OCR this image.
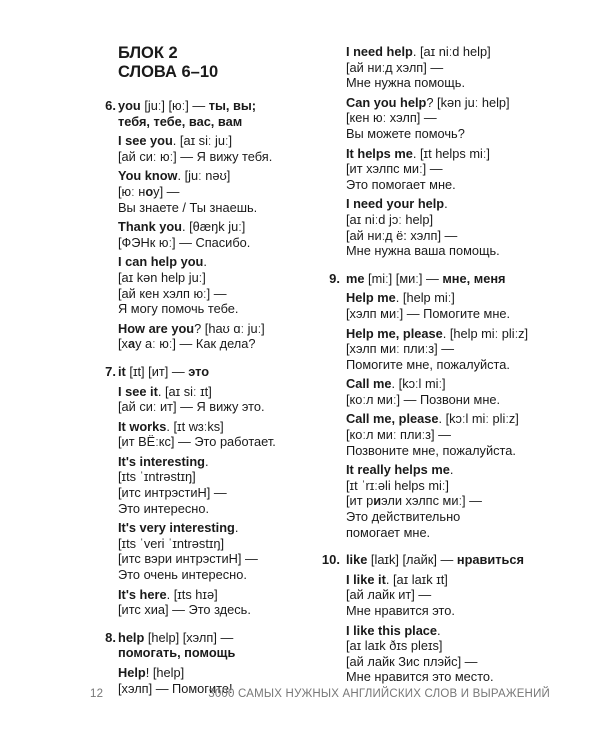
БЛОК 2
СЛОВА 6–10
6. you [juː] [юː] — ты, вы;
тебя, тебе, вас, вам
I see you. [aɪ siː juː]
[ай сиː юː] — Я вижу тебя.
You know. [juː nəʊ]
[юː ноу] —
Вы знаете / Ты знаешь.
Thank you. [θæŋk juː]
[ФЭНк юː] — Спасибо.
I can help you.
[aɪ kən help juː]
[ай кен хэлп юː] —
Я могу помочь тебе.
How are you? [haʊ ɑː juː]
[хау аː юː] — Как дела?
7. it [ɪt] [ит] — это
I see it. [aɪ siː ɪt]
[ай сиː ит] — Я вижу это.
It works. [ɪt wɜːks]
[ит ВЁːкс] — Это работает.
It's interesting.
[ɪts ˈɪntrəstɪŋ]
[итс интрэстиН] —
Это интересно.
It's very interesting.
[ɪts ˈveri ˈɪntrəstɪŋ]
[итс вэри интрэстиН] —
Это очень интересно.
It's here. [ɪts hɪə]
[итс хиа] — Это здесь.
8. help [help] [хэлп] —
помогать, помощь
Help! [help]
[хэлп] — Помогите!
I need help. [aɪ niːd help]
[ай ниːд хэлп] —
Мне нужна помощь.
Can you help? [kən juː help]
[кен юː хэлп] —
Вы можете помочь?
It helps me. [ɪt helps miː]
[ит хэлпс миː] —
Это помогает мне.
I need your help.
[aɪ niːd jɔː help]
[ай ниːд ё: хэлп] —
Мне нужна ваша помощь.
9. me [miː] [миː] — мне, меня
Help me. [help miː]
[хэлп миː] — Помогите мне.
Help me, please. [help miː pliːz]
[хэлп миː плиːз] —
Помогите мне, пожалуйста.
Call me. [kɔːl miː]
[коːл миː] — Позвони мне.
Call me, please. [kɔːl miː pliːz]
[коːл миː плиːз] —
Позвоните мне, пожалуйста.
It really helps me.
[ɪt ˈrɪːəli helps miː]
[ит риэли хэлпс миː] —
Это действительно
помогает мне.
10. like [laɪk] [лайк] — нравиться
I like it. [aɪ laɪk ɪt]
[ай лайк ит] —
Мне нравится это.
I like this place.
[aɪ laɪk ðɪs pleɪs]
[ай лайк Зис плэйс] —
Мне нравится это место.
12	3000 САМЫХ НУЖНЫХ АНГЛИЙСКИХ СЛОВ И ВЫРАЖЕНИЙ
